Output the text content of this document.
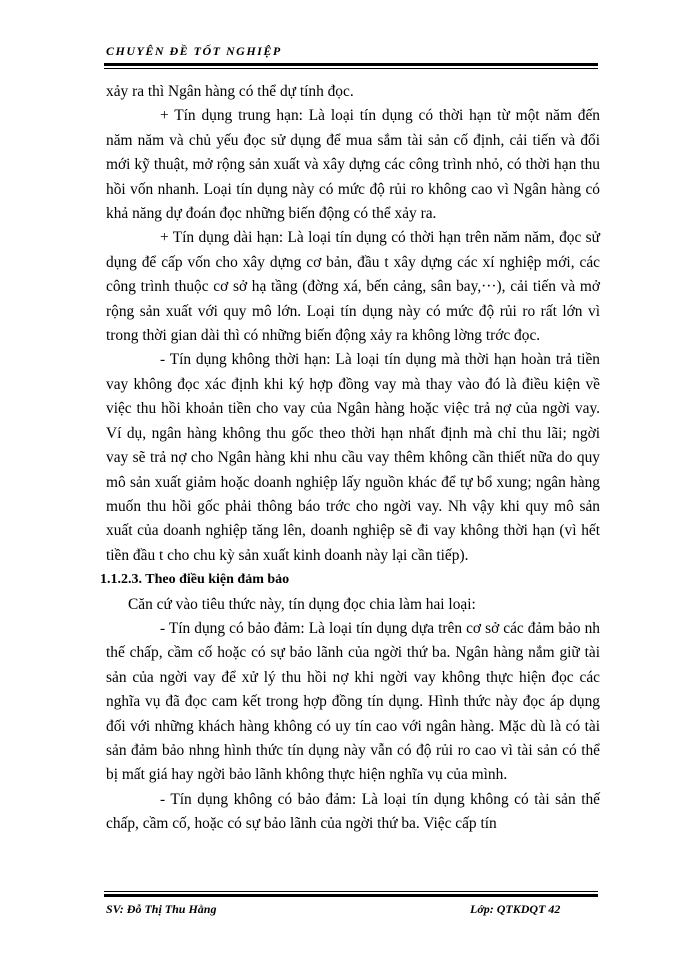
CHUYÊN ĐỀ TỐT NGHIỆP

xảy ra thì Ngân hàng có thể dự tính đọc.

+ Tín dụng trung hạn: Là loại tín dụng có thời hạn từ một năm đến năm năm và chủ yếu đọc sử dụng để mua sắm tài sản cố định, cải tiến và đổi mới kỹ thuật, mở rộng sản xuất và xây dựng các công trình nhỏ, có thời hạn thu hồi vốn nhanh. Loại tín dụng này có mức độ rủi ro không cao vì Ngân hàng có khả năng dự đoán đọc những biến động có thể xảy ra.

+ Tín dụng dài hạn: Là loại tín dụng có thời hạn trên năm năm, đọc sử dụng để cấp vốn cho xây dựng cơ bản, đầu t xây dựng các xí nghiệp mới, các công trình thuộc cơ sở hạ tầng (đờng xá, bến cảng, sân bay,···), cải tiến và mở rộng sản xuất với quy mô lớn. Loại tín dụng này có mức độ rủi ro rất lớn vì trong thời gian dài thì có những biến động xảy ra không lờng trớc đọc.

- Tín dụng không thời hạn: Là loại tín dụng mà thời hạn hoàn trả tiền vay không đọc xác định khi ký hợp đồng vay mà thay vào đó là điều kiện về việc thu hồi khoản tiền cho vay của Ngân hàng hoặc việc trả nợ của ngời vay. Ví dụ, ngân hàng không thu gốc theo thời hạn nhất định mà chỉ thu lãi; ngời vay sẽ trả nợ cho Ngân hàng khi nhu cầu vay thêm không cần thiết nữa do quy mô sản xuất giảm hoặc doanh nghiệp lấy nguồn khác để tự bổ xung; ngân hàng muốn thu hồi gốc phải thông báo trớc cho ngời vay. Nh vậy khi quy mô sản xuất của doanh nghiệp tăng lên, doanh nghiệp sẽ đi vay không thời hạn (vì hết tiền đầu t cho chu kỳ sản xuất kinh doanh này lại cần tiếp).

1.1.2.3. Theo điều kiện đảm bảo

Căn cứ vào tiêu thức này, tín dụng đọc chia làm hai loại:

- Tín dụng có bảo đảm: Là loại tín dụng dựa trên cơ sở các đảm bảo nh thế chấp, cầm cố hoặc có sự bảo lãnh của ngời thứ ba. Ngân hàng nắm giữ tài sản của ngời vay để xử lý thu hồi nợ khi ngời vay không thực hiện đọc các nghĩa vụ đã đọc cam kết trong hợp đồng tín dụng. Hình thức này đọc áp dụng đối với những khách hàng không có uy tín cao với ngân hàng. Mặc dù là có tài sản đảm bảo nhng hình thức tín dụng này vẫn có độ rủi ro cao vì tài sản có thể bị mất giá hay ngời bảo lãnh không thực hiện nghĩa vụ của mình.

- Tín dụng không có bảo đảm: Là loại tín dụng không có tài sản thế chấp, cầm cố, hoặc có sự bảo lãnh của ngời thứ ba. Việc cấp tín

SV: Đỗ Thị Thu Hằng	Lớp: QTKDQT 42
